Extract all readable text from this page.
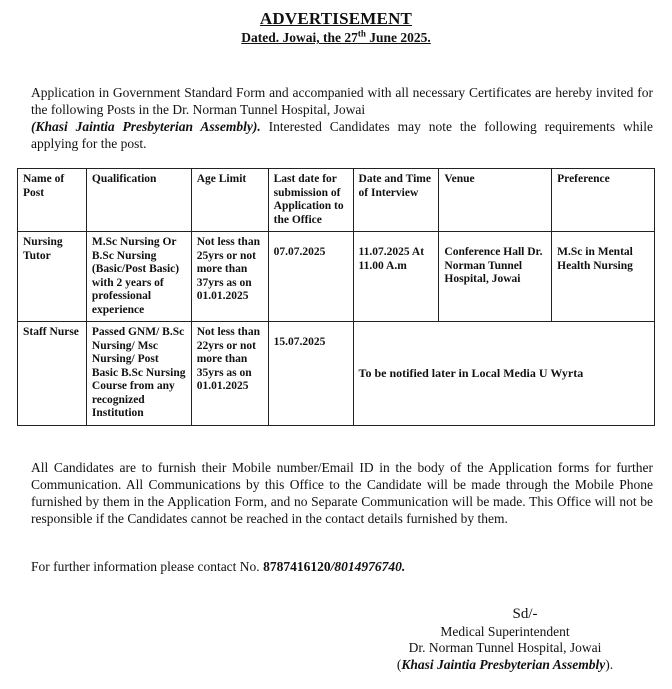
ADVERTISEMENT
Dated. Jowai, the 27th June 2025.
Application in Government Standard Form and accompanied with all necessary Certificates are hereby invited for the following Posts in the Dr. Norman Tunnel Hospital, Jowai
(Khasi Jaintia Presbyterian Assembly). Interested Candidates may note the following requirements while applying for the post.
Name of Post	Qualification	Age Limit	Last date for submission of Application to the Office	Date and Time of Interview	Venue	Preference
Nursing Tutor	M.Sc Nursing Or B.Sc Nursing (Basic/Post Basic) with 2 years of professional experience	Not less than 25yrs or not more than 37yrs as on 01.01.2025	07.07.2025	11.07.2025 At 11.00 A.m	Conference Hall Dr. Norman Tunnel Hospital, Jowai	M.Sc in Mental Health Nursing

Staff Nurse	Passed GNM/ B.Sc Nursing/ Msc Nursing/ Post Basic B.Sc Nursing Course from any recognized Institution	Not less than 22yrs or not more than 35yrs as on 01.01.2025	15.07.2025	To be notified later in Local Media U Wyrta		
All Candidates are to furnish their Mobile number/Email ID in the body of the Application forms for further Communication. All Communications by this Office to the Candidate will be made through the Mobile Phone furnished by them in the Application Form, and no Separate Communication will be made. This Office will not be responsible if the Candidates cannot be reached in the contact details furnished by them.
For further information please contact No. 8787416120/8014976740.
Sd/-
Medical Superintendent
Dr. Norman Tunnel Hospital, Jowai
(Khasi Jaintia Presbyterian Assembly).
